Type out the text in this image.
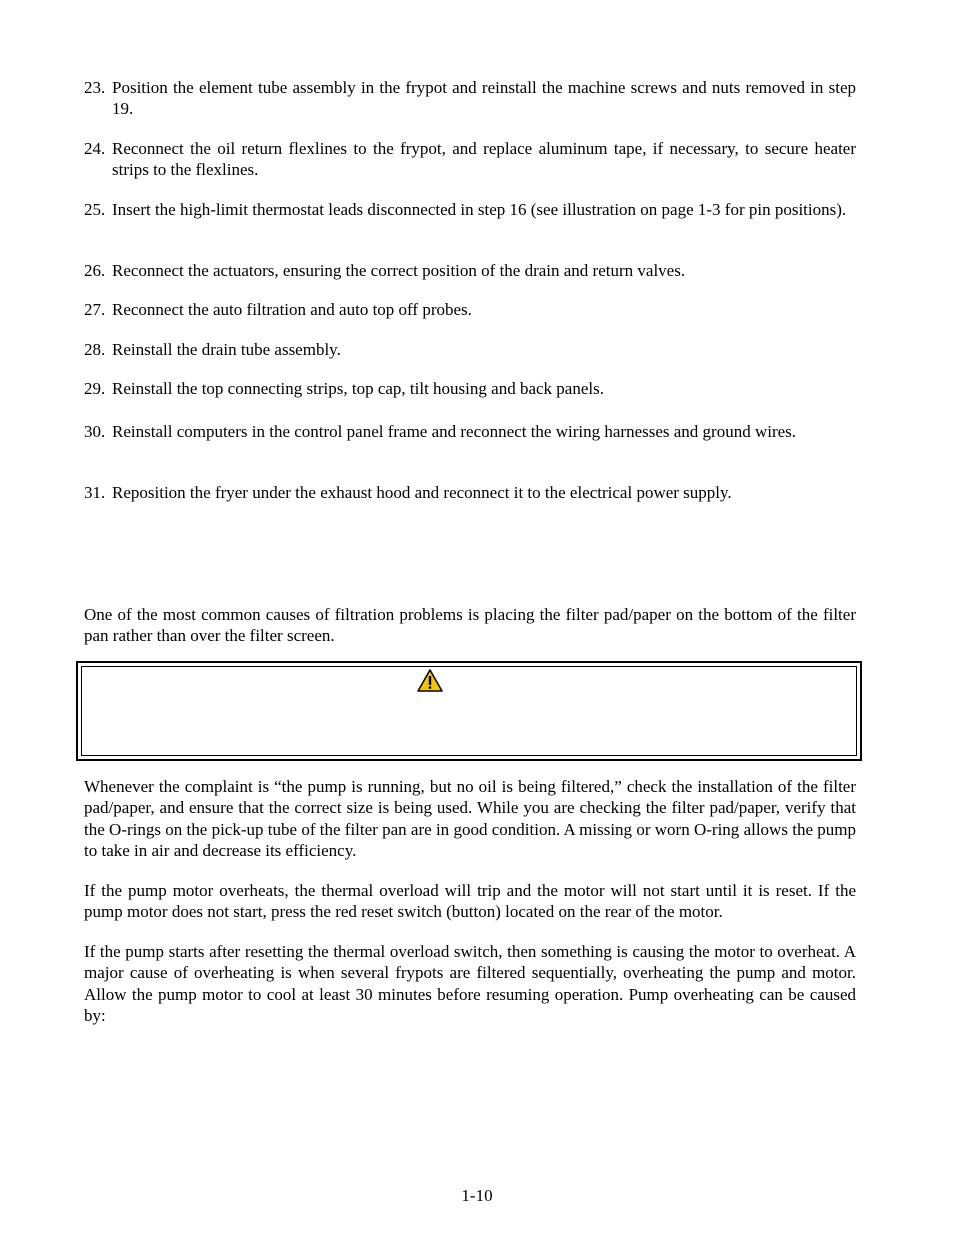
23. Position the element tube assembly in the frypot and reinstall the machine screws and nuts removed in step 19.
24. Reconnect the oil return flexlines to the frypot, and replace aluminum tape, if necessary, to secure heater strips to the flexlines.
25. Insert the high-limit thermostat leads disconnected in step 16 (see illustration on page 1-3 for pin positions).
26. Reconnect the actuators, ensuring the correct position of the drain and return valves.
27. Reconnect the auto filtration and auto top off probes.
28. Reinstall the drain tube assembly.
29. Reinstall the top connecting strips, top cap, tilt housing and back panels.
30. Reinstall computers in the control panel frame and reconnect the wiring harnesses and ground wires.
31. Reposition the fryer under the exhaust hood and reconnect it to the electrical power supply.
One of the most common causes of filtration problems is placing the filter pad/paper on the bottom of the filter pan rather than over the filter screen.
Whenever the complaint is “the pump is running, but no oil is being filtered,” check the installation of the filter pad/paper, and ensure that the correct size is being used. While you are checking the filter pad/paper, verify that the O-rings on the pick-up tube of the filter pan are in good condition. A missing or worn O-ring allows the pump to take in air and decrease its efficiency.
If the pump motor overheats, the thermal overload will trip and the motor will not start until it is reset. If the pump motor does not start, press the red reset switch (button) located on the rear of the motor.
If the pump starts after resetting the thermal overload switch, then something is causing the motor to overheat. A major cause of overheating is when several frypots are filtered sequentially, overheating the pump and motor. Allow the pump motor to cool at least 30 minutes before resuming operation. Pump overheating can be caused by:
1-10
